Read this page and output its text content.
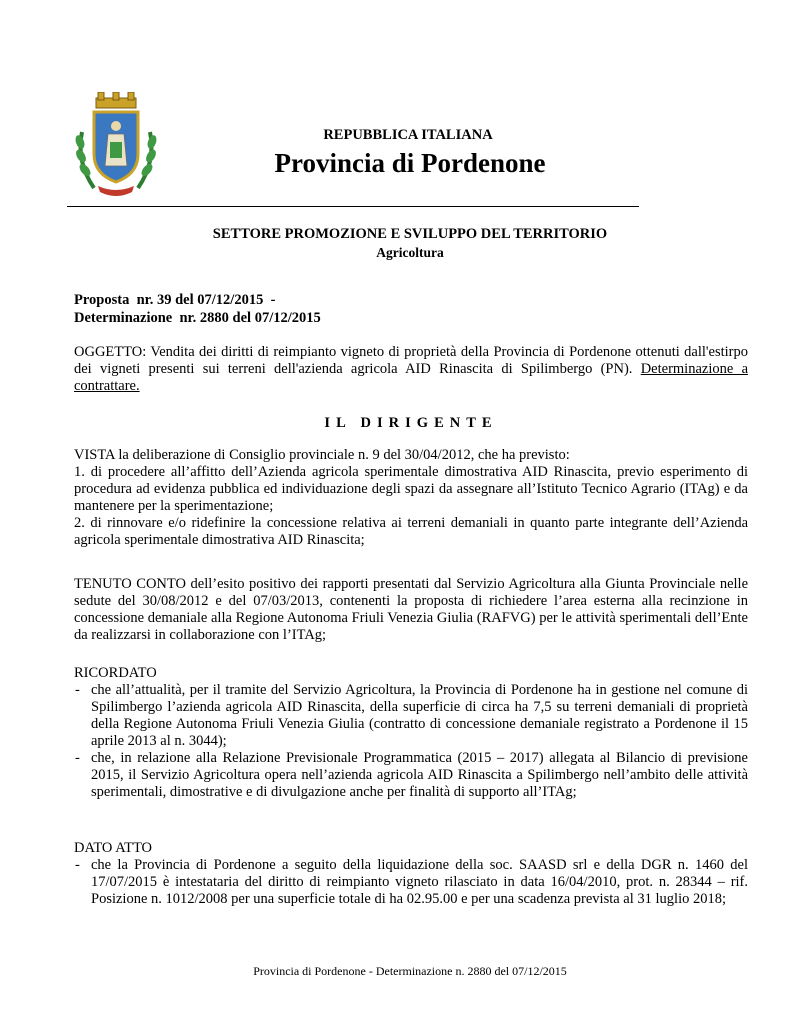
REPUBBLICA ITALIANA
Provincia di Pordenone
SETTORE PROMOZIONE E SVILUPPO DEL TERRITORIO
Agricoltura
Proposta  nr. 39 del 07/12/2015  -
Determinazione  nr. 2880 del 07/12/2015
OGGETTO: Vendita dei diritti di reimpianto vigneto di proprietà della Provincia di Pordenone ottenuti dall'estirpo dei vigneti presenti sui terreni dell'azienda agricola AID Rinascita di Spilimbergo (PN). Determinazione a contrattare.
IL DIRIGENTE

VISTA la deliberazione di Consiglio provinciale n. 9 del 30/04/2012, che ha previsto:

1. di procedere all’affitto dell’Azienda agricola sperimentale dimostrativa AID Rinascita, previo esperimento di procedura ad evidenza pubblica ed individuazione degli spazi da assegnare all’Istituto Tecnico Agrario (ITAg) e da mantenere per la sperimentazione;

2. di rinnovare e/o ridefinire la concessione relativa ai terreni demaniali in quanto parte integrante dell’Azienda agricola sperimentale dimostrativa AID Rinascita;

TENUTO CONTO dell’esito positivo dei rapporti presentati dal Servizio Agricoltura alla Giunta Provinciale nelle sedute del 30/08/2012 e del 07/03/2013, contenenti la proposta di richiedere l’area esterna alla recinzione in concessione demaniale alla Regione Autonoma Friuli Venezia Giulia (RAFVG) per le attività sperimentali dell’Ente da realizzarsi in collaborazione con l’ITAg;
RICORDATO
- che all’attualità, per il tramite del Servizio Agricoltura, la Provincia di Pordenone ha in gestione nel comune di Spilimbergo l’azienda agricola AID Rinascita, della superficie di circa ha 7,5 su terreni demaniali di proprietà della Regione Autonoma Friuli Venezia Giulia (contratto di concessione demaniale registrato a Pordenone il 15 aprile 2013 al n. 3044);
- che, in relazione alla Relazione Previsionale Programmatica (2015 – 2017) allegata al Bilancio di previsione 2015, il Servizio Agricoltura opera nell’azienda agricola AID Rinascita a Spilimbergo nell’ambito delle attività sperimentali, dimostrative e di divulgazione anche per finalità di supporto all’ITAg;
DATO ATTO
- che la Provincia di Pordenone a seguito della liquidazione della soc. SAASD srl e della DGR n. 1460 del 17/07/2015 è intestataria del diritto di reimpianto vigneto rilasciato in data 16/04/2010, prot. n. 28344 – rif. Posizione n. 1012/2008 per una superficie totale di ha 02.95.00 e per una scadenza prevista al 31 luglio 2018;
Provincia di Pordenone - Determinazione n. 2880 del 07/12/2015
